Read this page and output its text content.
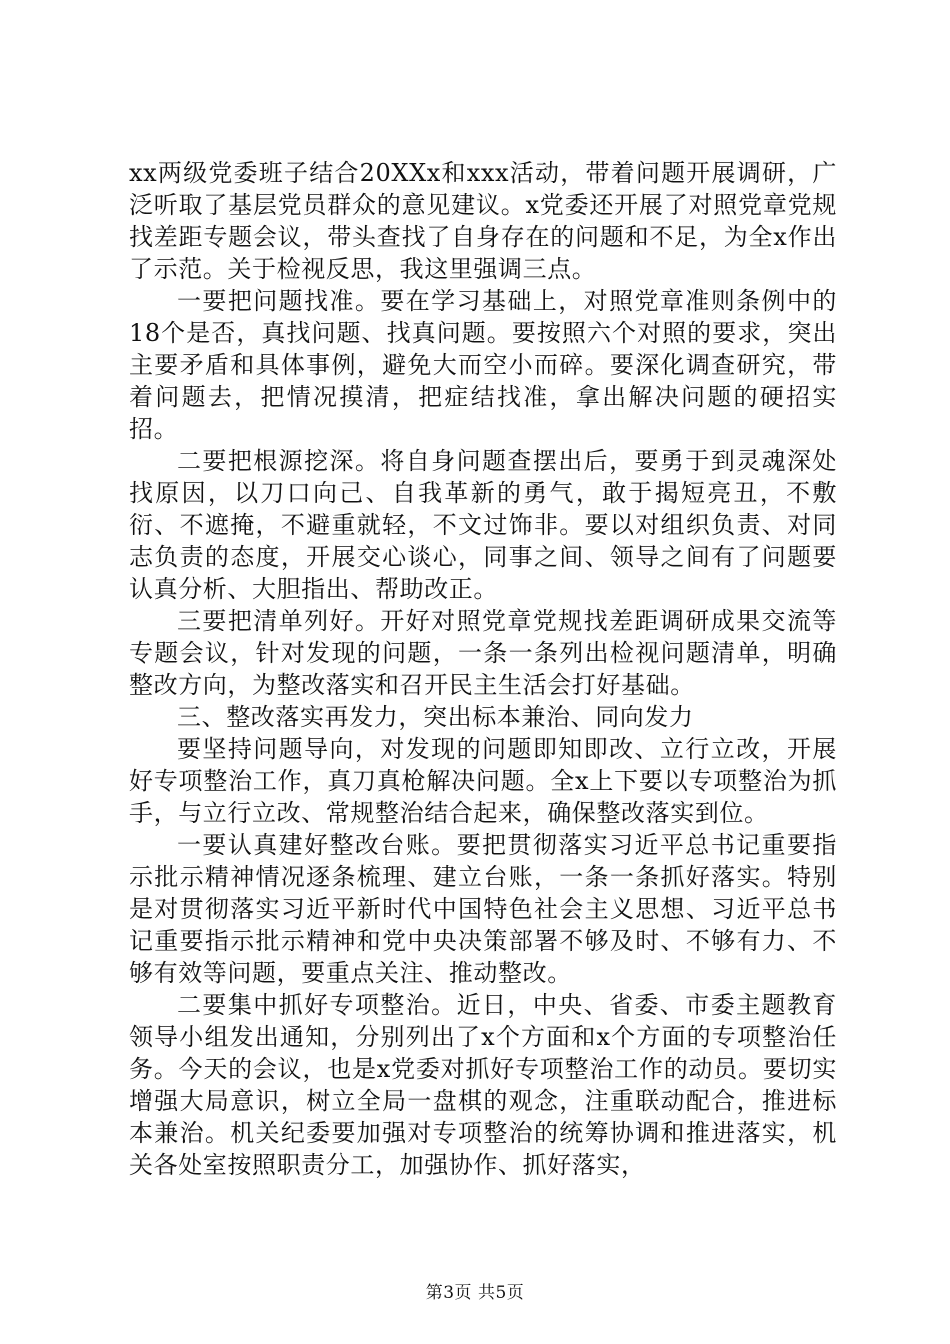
xx两级党委班子结合20XXx和xxx活动，带着问题开展调研，广泛听取了基层党员群众的意见建议。x党委还开展了对照党章党规找差距专题会议，带头查找了自身存在的问题和不足，为全x作出了示范。关于检视反思，我这里强调三点。

一要把问题找准。要在学习基础上，对照党章准则条例中的18个是否，真找问题、找真问题。要按照六个对照的要求，突出主要矛盾和具体事例，避免大而空小而碎。要深化调查研究，带着问题去，把情况摸清，把症结找准，拿出解决问题的硬招实招。

二要把根源挖深。将自身问题查摆出后，要勇于到灵魂深处找原因，以刀口向己、自我革新的勇气，敢于揭短亮丑，不敷衍、不遮掩，不避重就轻，不文过饰非。要以对组织负责、对同志负责的态度，开展交心谈心，同事之间、领导之间有了问题要认真分析、大胆指出、帮助改正。

三要把清单列好。开好对照党章党规找差距调研成果交流等专题会议，针对发现的问题，一条一条列出检视问题清单，明确整改方向，为整改落实和召开民主生活会打好基础。

三、整改落实再发力，突出标本兼治、同向发力

要坚持问题导向，对发现的问题即知即改、立行立改，开展好专项整治工作，真刀真枪解决问题。全x上下要以专项整治为抓手，与立行立改、常规整治结合起来，确保整改落实到位。

一要认真建好整改台账。要把贯彻落实习近平总书记重要指示批示精神情况逐条梳理、建立台账，一条一条抓好落实。特别是对贯彻落实习近平新时代中国特色社会主义思想、习近平总书记重要指示批示精神和党中央决策部署不够及时、不够有力、不够有效等问题，要重点关注、推动整改。

二要集中抓好专项整治。近日，中央、省委、市委主题教育领导小组发出通知，分别列出了x个方面和x个方面的专项整治任务。今天的会议，也是x党委对抓好专项整治工作的动员。要切实增强大局意识，树立全局一盘棋的观念，注重联动配合，推进标本兼治。机关纪委要加强对专项整治的统筹协调和推进落实，机关各处室按照职责分工，加强协作、抓好落实，

第3页 共5页
